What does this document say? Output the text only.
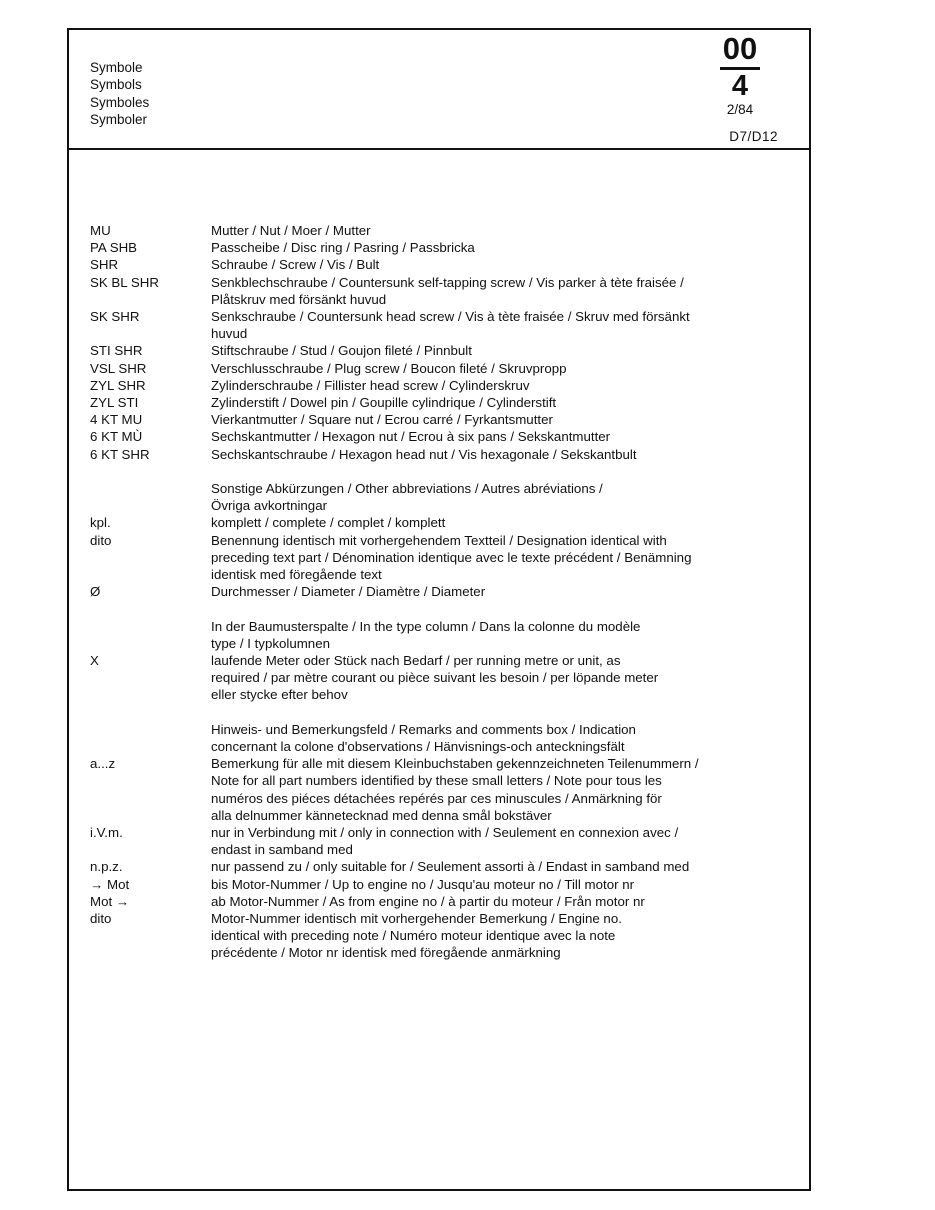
Symbole
Symbols
Symboles
Symboler
00
4
2/84
D7/D12
MU	Mutter / Nut / Moer / Mutter
PA SHB	Passcheibe / Disc ring / Pasring / Passbricka
SHR	Schraube / Screw / Vis / Bult
SK BL SHR	Senkblechschraube / Countersunk self-tapping screw / Vis parker à tète fraisée /
Plåtskruv med försänkt huvud
SK SHR	Senkschraube / Countersunk head screw / Vis à tète fraisée / Skruv med försänkt
huvud
STI SHR	Stiftschraube / Stud / Goujon fileté / Pinnbult
VSL SHR	Verschlusschraube / Plug screw / Boucon fileté / Skruvpropp
ZYL SHR	Zylinderschraube / Fillister head screw / Cylinderskruv
ZYL STI	Zylinderstift / Dowel pin / Goupille cylindrique / Cylinderstift
4 KT MU	Vierkantmutter / Square nut / Ecrou carré / Fyrkantsmutter
6 KT MÙ	Sechskantmutter / Hexagon nut / Ecrou à six pans / Sekskantmutter
6 KT SHR	Sechskantschraube / Hexagon head nut / Vis hexagonale / Sekskantbult
Sonstige Abkürzungen / Other abbreviations / Autres abréviations /
Övriga avkortningar
kpl.	komplett / complete / complet / komplett
dito	Benennung identisch mit vorhergehendem Textteil / Designation identical with
preceding text part / Dénomination identique avec le texte précédent / Benämning
identisk med föregående text
Ø	Durchmesser / Diameter / Diamètre / Diameter
In der Baumusterspalte / In the type column / Dans la colonne du modèle
type / I typkolumnen
X	laufende Meter oder Stück nach Bedarf / per running metre or unit, as
required / par mètre courant ou pièce suivant les besoin / per löpande meter
eller stycke efter behov
Hinweis- und Bemerkungsfeld / Remarks and comments box / Indication
concernant la colone d'observations / Hänvisnings-och anteckningsfält
a...z	Bemerkung für alle mit diesem Kleinbuchstaben gekennzeichneten Teilenummern /
Note for all part numbers identified by these small letters / Note pour tous les
numéros des piéces détachées repérés par ces minuscules / Anmärkning för
alla delnummer kännetecknad med denna smål bokstäver
i.V.m.	nur in Verbindung mit / only in connection with / Seulement en connexion avec /
endast in samband med
n.p.z.	nur passend zu / only suitable for / Seulement assorti à / Endast in samband med
→ Mot	bis Motor-Nummer / Up to engine no / Jusqu'au moteur no / Till motor nr
Mot →	ab Motor-Nummer / As from engine no / à partir du moteur / Från motor nr
dito	Motor-Nummer identisch mit vorhergehender Bemerkung / Engine no.
identical with preceding note / Numéro moteur identique avec la note
précédente / Motor nr identisk med föregående anmärkning
